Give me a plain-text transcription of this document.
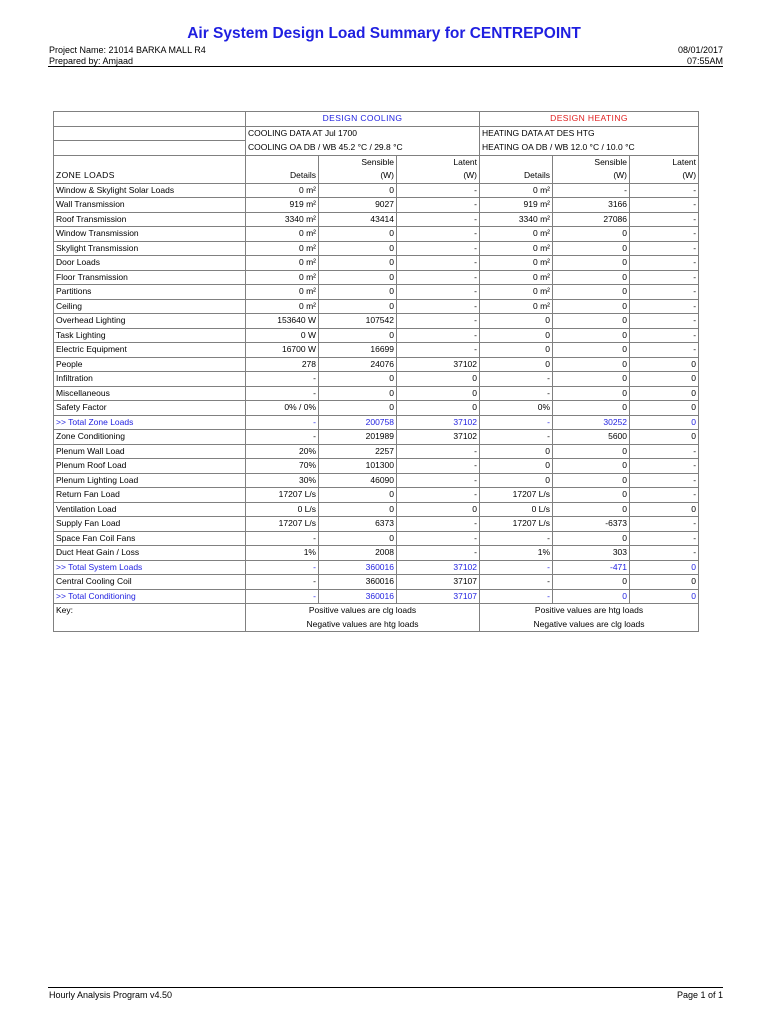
Air System Design Load Summary for CENTREPOINT
Project Name: 21014 BARKA MALL R4
Prepared by: Amjaad
08/01/2017
07:55AM
	DESIGN COOLING			DESIGN HEATING		
	COOLING DATA AT Jul 1700			HEATING DATA AT DES HTG		
	COOLING OA DB / WB 45.2 °C / 29.8 °C			HEATING OA DB / WB 12.0 °C / 10.0 °C		
		Sensible	Latent		Sensible	Latent
ZONE LOADS	Details	(W)	(W)	Details	(W)	(W)
Window & Skylight Solar Loads	0 m²	0	-	0 m²	-	-
Wall Transmission	919 m²	9027	-	919 m²	3166	-
Roof Transmission	3340 m²	43414	-	3340 m²	27086	-
Window Transmission	0 m²	0	-	0 m²	0	-
Skylight Transmission	0 m²	0	-	0 m²	0	-
Door Loads	0 m²	0	-	0 m²	0	-
Floor Transmission	0 m²	0	-	0 m²	0	-
Partitions	0 m²	0	-	0 m²	0	-
Ceiling	0 m²	0	-	0 m²	0	-
Overhead Lighting	153640 W	107542	-	0	0	-
Task Lighting	0 W	0	-	0	0	-
Electric Equipment	16700 W	16699	-	0	0	-
People	278	24076	37102	0	0	0
Infiltration	-	0	0	-	0	0
Miscellaneous	-	0	0	-	0	0
Safety Factor	0% / 0%	0	0	0%	0	0
>> Total Zone Loads	-	200758	37102	-	30252	0
Zone Conditioning	-	201989	37102	-	5600	0
Plenum Wall Load	20%	2257	-	0	0	-
Plenum Roof Load	70%	101300	-	0	0	-
Plenum Lighting Load	30%	46090	-	0	0	-
Return Fan Load	17207 L/s	0	-	17207 L/s	0	-
Ventilation Load	0 L/s	0	0	0 L/s	0	0
Supply Fan Load	17207 L/s	6373	-	17207 L/s	-6373	-
Space Fan Coil Fans	-	0	-	-	0	-
Duct Heat Gain / Loss	1%	2008	-	1%	303	-
>> Total System Loads	-	360016	37102	-	-471	0
Central Cooling Coil	-	360016	37107	-	0	0
>> Total Conditioning	-	360016	37107	-	0	0
Key:	Positive values are clg loads			Positive values are htg loads		
	Negative values are htg loads			Negative values are clg loads		
Hourly Analysis Program v4.50	Page 1 of 1
